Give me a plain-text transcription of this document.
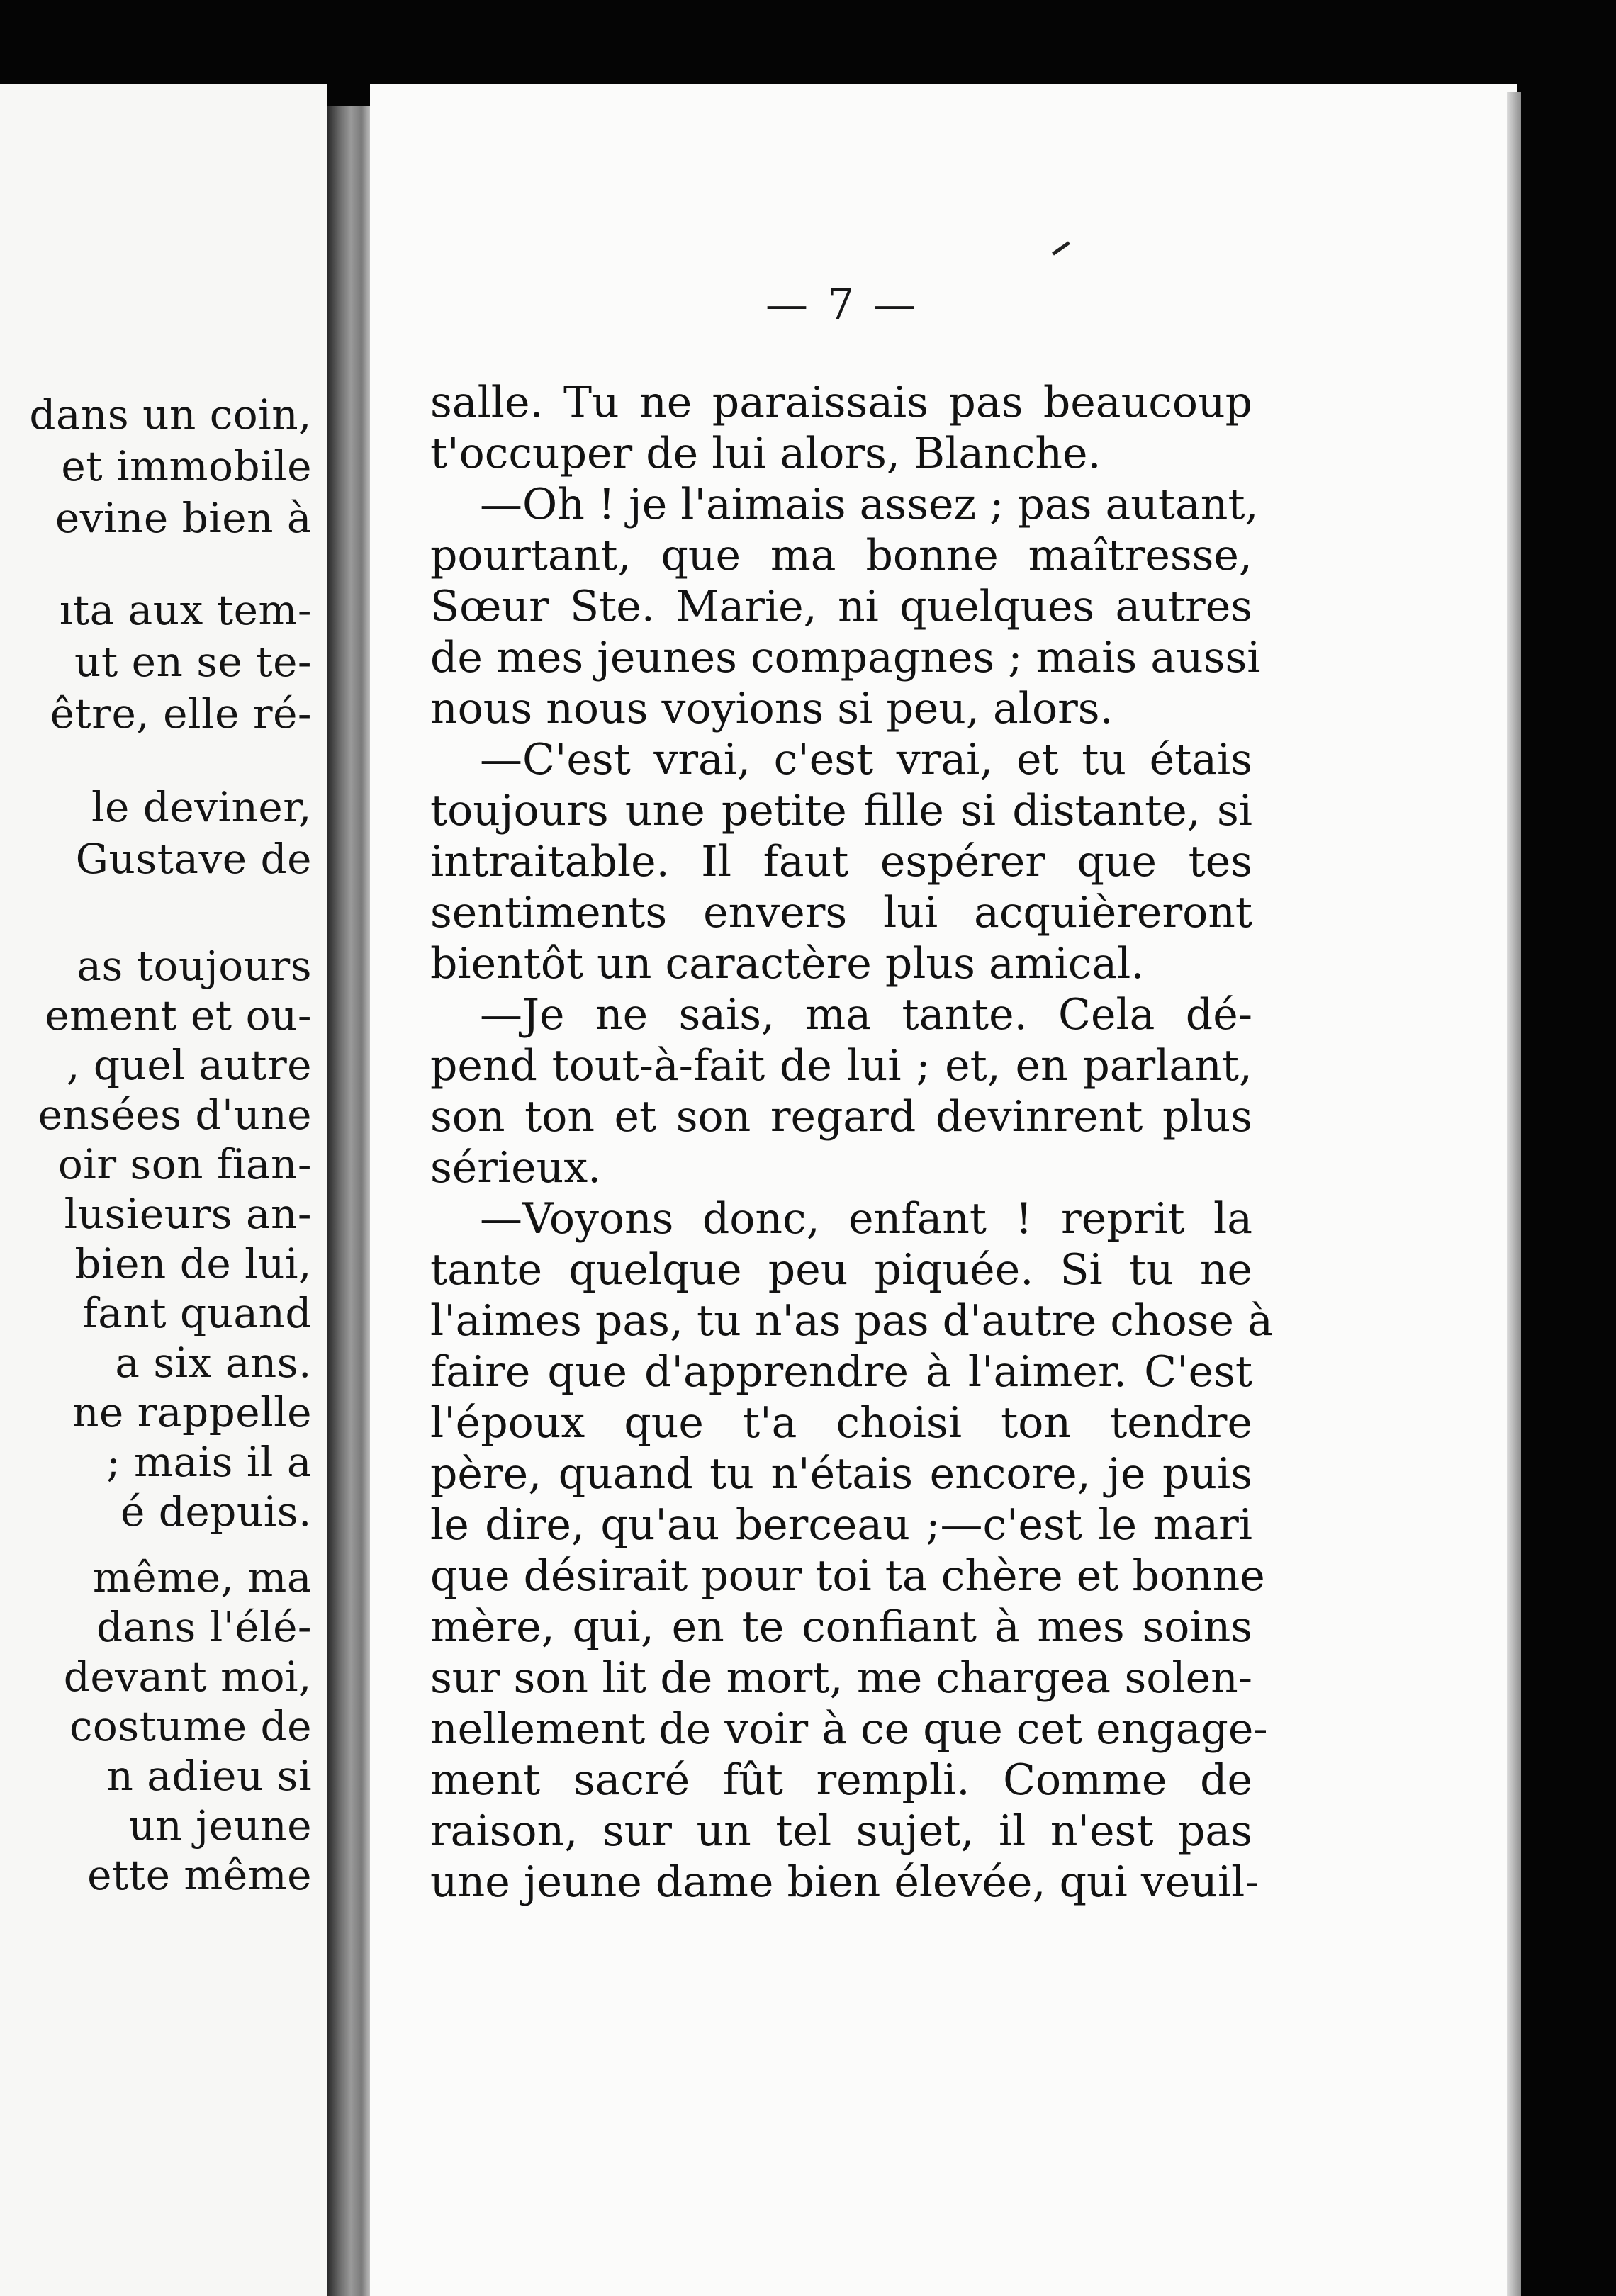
dans un coin,
et immobile
evine bien à
ıta aux tem-
ut en se te-
être, elle ré-
le deviner,
Gustave de
as toujours
ement et ou-
, quel autre
ensées d'une
oir son fian-
lusieurs an-
bien de lui,
fant quand
a six ans.
ne rappelle
; mais il a
é depuis.
même, ma
dans l'élé-
devant moi,
costume de
n adieu si
un jeune
ette même
— 7 —
salle. Tu ne paraissais pas beaucoup
t'occuper de lui alors, Blanche.
—Oh ! je l'aimais assez ; pas autant,
pourtant, que ma bonne maîtresse,
Sœur Ste. Marie, ni quelques autres
de mes jeunes compagnes ; mais aussi
nous nous voyions si peu, alors.
—C'est vrai, c'est vrai, et tu étais
toujours une petite fille si distante, si
intraitable. Il faut espérer que tes
sentiments envers lui acquièreront
bientôt un caractère plus amical.
—Je ne sais, ma tante. Cela dé-
pend tout-à-fait de lui ; et, en parlant,
son ton et son regard devinrent plus
sérieux.
—Voyons donc, enfant ! reprit la
tante quelque peu piquée. Si tu ne
l'aimes pas, tu n'as pas d'autre chose à
faire que d'apprendre à l'aimer. C'est
l'époux que t'a choisi ton tendre
père, quand tu n'étais encore, je puis
le dire, qu'au berceau ;—c'est le mari
que désirait pour toi ta chère et bonne
mère, qui, en te confiant à mes soins
sur son lit de mort, me chargea solen-
nellement de voir à ce que cet engage-
ment sacré fût rempli. Comme de
raison, sur un tel sujet, il n'est pas
une jeune dame bien élevée, qui veuil-
